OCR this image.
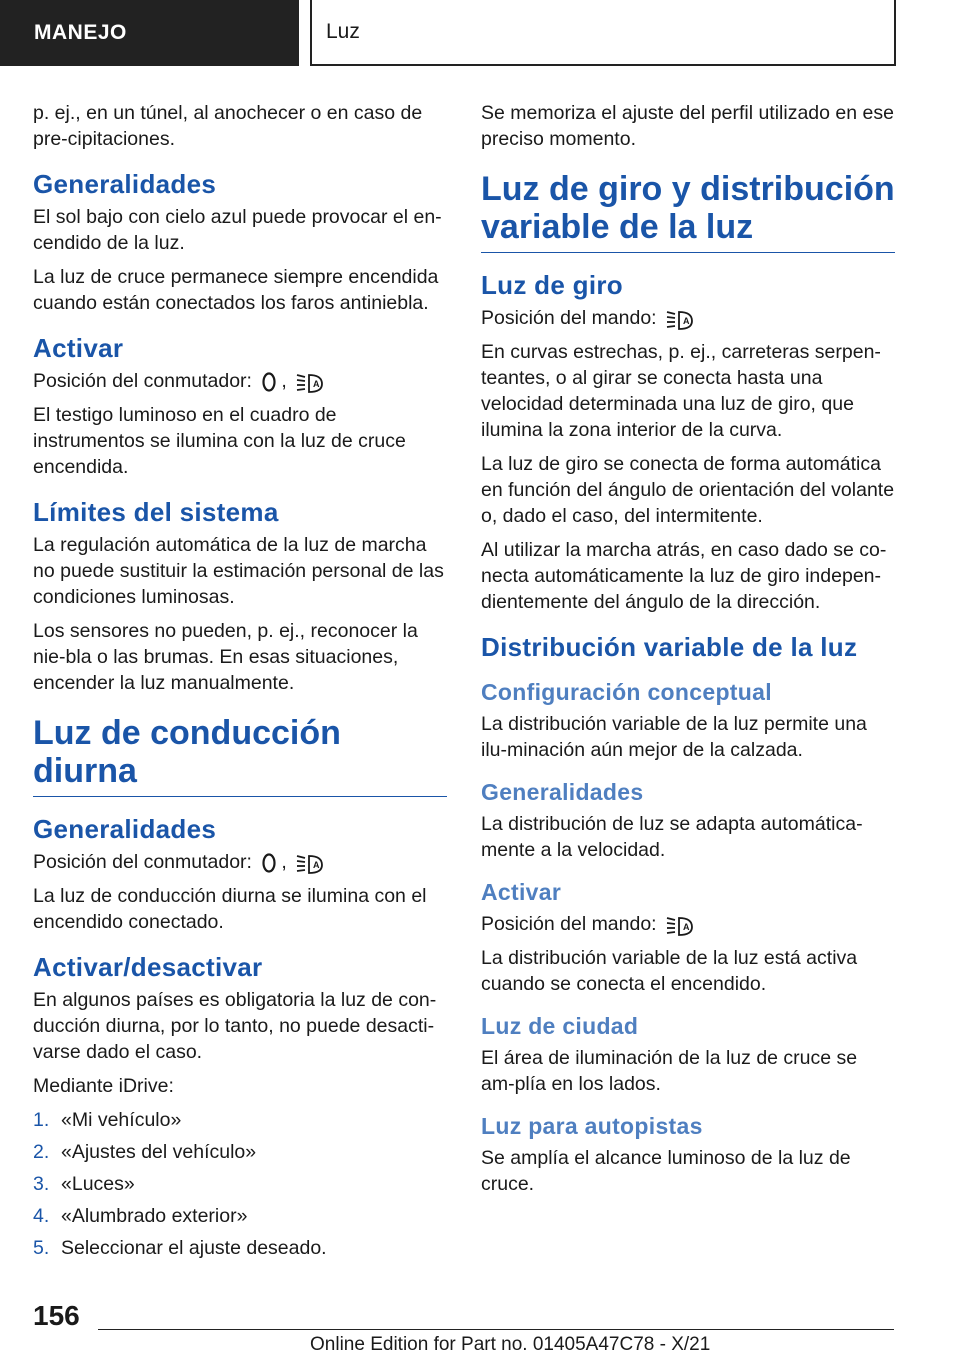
MANEJO	Luz

p. ej., en un túnel, al anochecer o en caso de pre-cipitaciones.

Generalidades

El sol bajo con cielo azul puede provocar el en-cendido de la luz.

La luz de cruce permanece siempre encendida cuando están conectados los faros antiniebla.

Activar

Posición del conmutador: ,

El testigo luminoso en el cuadro de instrumentos se ilumina con la luz de cruce encendida.

Límites del sistema

La regulación automática de la luz de marcha no puede sustituir la estimación personal de las condiciones luminosas.

Los sensores no pueden, p. ej., reconocer la nie-bla o las brumas. En esas situaciones, encender la luz manualmente.

Luz de conducción diurna
Generalidades

Posición del conmutador: ,

La luz de conducción diurna se ilumina con el encendido conectado.

Activar/desactivar

En algunos países es obligatoria la luz de con-ducción diurna, por lo tanto, no puede desacti-varse dado el caso.

Mediante iDrive:

1. «Mi vehículo»
2. «Ajustes del vehículo»
3. «Luces»
4. «Alumbrado exterior»
5. Seleccionar el ajuste deseado.

Se memoriza el ajuste del perfil utilizado en ese preciso momento.

Luz de giro y distribución variable de la luz
Luz de giro

Posición del mando:

En curvas estrechas, p. ej., carreteras serpen-teantes, o al girar se conecta hasta una velocidad determinada una luz de giro, que ilumina la zona interior de la curva.

La luz de giro se conecta de forma automática en función del ángulo de orientación del volante o, dado el caso, del intermitente.

Al utilizar la marcha atrás, en caso dado se co-necta automáticamente la luz de giro indepen-dientemente del ángulo de la dirección.

Distribución variable de la luz
Configuración conceptual

La distribución variable de la luz permite una ilu-minación aún mejor de la calzada.

Generalidades

La distribución de luz se adapta automática-mente a la velocidad.

Activar

Posición del mando:

La distribución variable de la luz está activa cuando se conecta el encendido.

Luz de ciudad

El área de iluminación de la luz de cruce se am-plía en los lados.

Luz para autopistas

Se amplía el alcance luminoso de la luz de cruce.

156
Online Edition for Part no. 01405A47C78 - X/21
